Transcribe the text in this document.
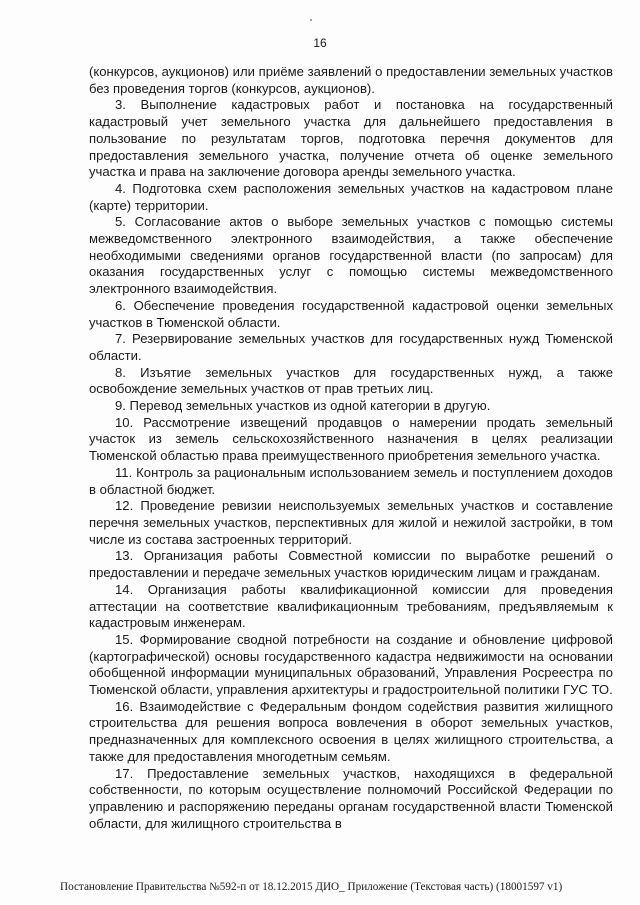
16

(конкурсов, аукционов) или приёме заявлений о предоставлении земельных участков без проведения торгов (конкурсов, аукционов).

3. Выполнение кадастровых работ и постановка на государственный кадастровый учет земельного участка для дальнейшего предоставления в пользование по результатам торгов, подготовка перечня документов для предоставления земельного участка, получение отчета об оценке земельного участка и права на заключение договора аренды земельного участка.

4. Подготовка схем расположения земельных участков на кадастровом плане (карте) территории.

5. Согласование актов о выборе земельных участков с помощью системы межведомственного электронного взаимодействия, а также обеспечение необходимыми сведениями органов государственной власти (по запросам) для оказания государственных услуг с помощью системы межведомственного электронного взаимодействия.

6. Обеспечение проведения государственной кадастровой оценки земельных участков в Тюменской области.

7. Резервирование земельных участков для государственных нужд Тюменской области.

8. Изъятие земельных участков для государственных нужд, а также освобождение земельных участков от прав третьих лиц.

9. Перевод земельных участков из одной категории в другую.

10. Рассмотрение извещений продавцов о намерении продать земельный участок из земель сельскохозяйственного назначения в целях реализации Тюменской областью права преимущественного приобретения земельного участка.

11. Контроль за рациональным использованием земель и поступлением доходов в областной бюджет.

12. Проведение ревизии неиспользуемых земельных участков и составление перечня земельных участков, перспективных для жилой и нежилой застройки, в том числе из состава застроенных территорий.

13. Организация работы Совместной комиссии по выработке решений о предоставлении и передаче земельных участков юридическим лицам и гражданам.

14. Организация работы квалификационной комиссии для проведения аттестации на соответствие квалификационным требованиям, предъявляемым к кадастровым инженерам.

15. Формирование сводной потребности на создание и обновление цифровой (картографической) основы государственного кадастра недвижимости на основании обобщенной информации муниципальных образований, Управления Росреестра по Тюменской области, управления архитектуры и градостроительной политики ГУС ТО.

16. Взаимодействие с Федеральным фондом содействия развития жилищного строительства для решения вопроса вовлечения в оборот земельных участков, предназначенных для комплексного освоения в целях жилищного строительства, а также для предоставления многодетным семьям.

17. Предоставление земельных участков, находящихся в федеральной собственности, по которым осуществление полномочий Российской Федерации по управлению и распоряжению переданы органам государственной власти Тюменской области, для жилищного строительства в

Постановление Правительства №592-п от 18.12.2015 ДИО_ Приложение (Текстовая часть) (18001597 v1)
